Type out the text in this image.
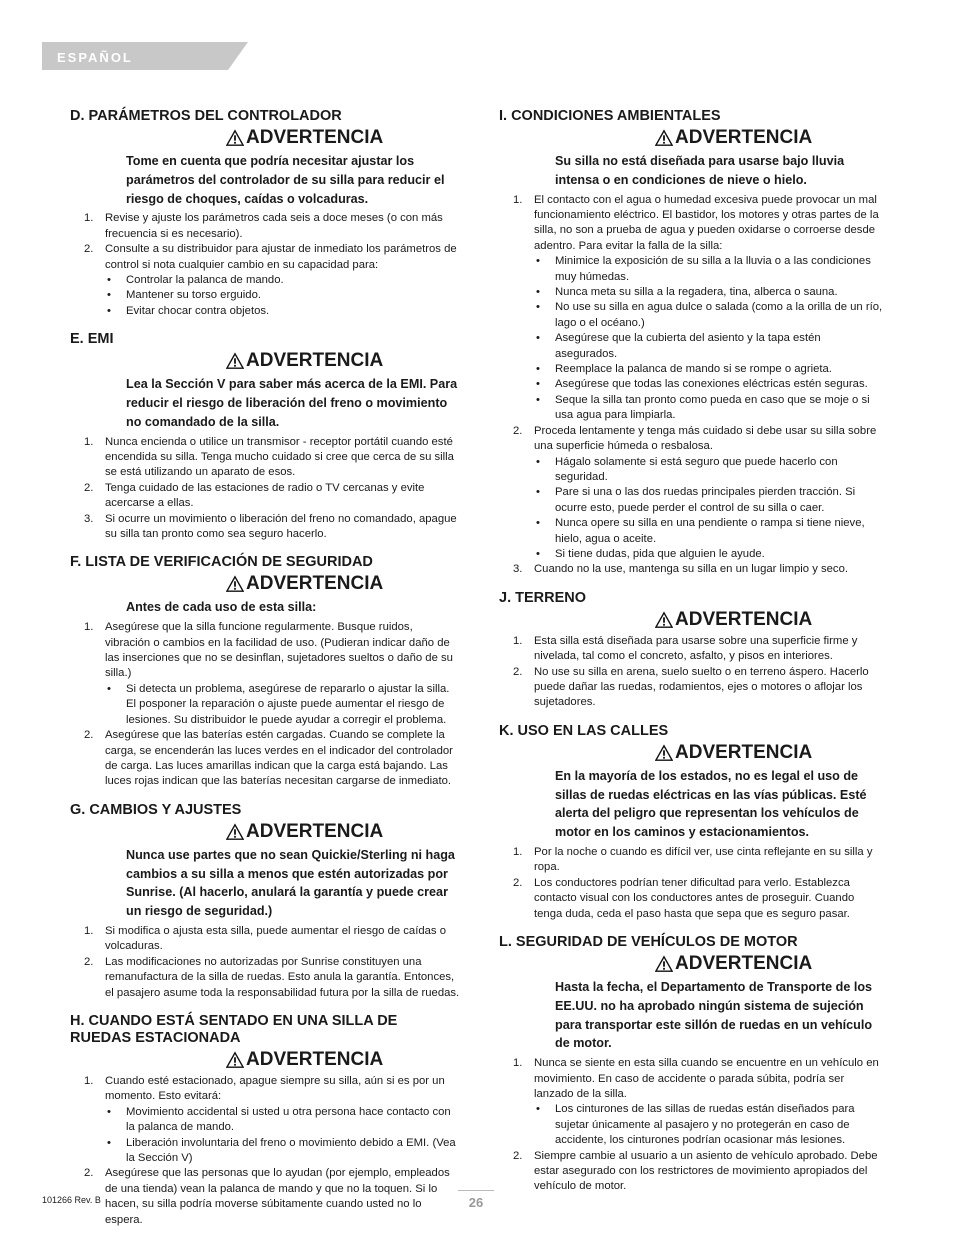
ESPAÑOL
D. PARÁMETROS DEL CONTROLADOR
ADVERTENCIA
Tome en cuenta que podría necesitar ajustar los parámetros del controlador de su silla para reducir el riesgo de choques, caídas o volcaduras.
1. Revise y ajuste los parámetros cada seis a doce meses (o con más frecuencia si es necesario).
2. Consulte a su distribuidor para ajustar de inmediato los parámetros de control si nota cualquier cambio en su capacidad para:
• Controlar la palanca de mando.
• Mantener su torso erguido.
• Evitar chocar contra objetos.
E. EMI
ADVERTENCIA
Lea la Sección V para saber más acerca de la EMI. Para reducir el riesgo de liberación del freno o movimiento no comandado de la silla.
1. Nunca encienda o utilice un transmisor - receptor portátil cuando esté encendida su silla. Tenga mucho cuidado si cree que cerca de su silla se está utilizando un aparato de esos.
2. Tenga cuidado de las estaciones de radio o TV cercanas y evite acercarse a ellas.
3. Si ocurre un movimiento o liberación del freno no comandado, apague su silla tan pronto como sea seguro hacerlo.
F. LISTA DE VERIFICACIÓN DE SEGURIDAD
ADVERTENCIA
Antes de cada uso de esta silla:
1. Asegúrese que la silla funcione regularmente. Busque ruidos, vibración o cambios en la facilidad de uso. (Pudieran indicar daño de las inserciones que no se desinflan, sujetadores sueltos o daño de su silla.)
• Si detecta un problema, asegúrese de repararlo o ajustar la silla. El posponer la reparación o ajuste puede aumentar el riesgo de lesiones. Su distribuidor le puede ayudar a corregir el problema.
2. Asegúrese que las baterías estén cargadas. Cuando se complete la carga, se encenderán las luces verdes en el indicador del controlador de carga. Las luces amarillas indican que la carga está bajando. Las luces rojas indican que las baterías necesitan cargarse de inmediato.
G. CAMBIOS Y AJUSTES
ADVERTENCIA
Nunca use partes que no sean Quickie/Sterling ni haga cambios a su silla a menos que estén autorizadas por Sunrise. (Al hacerlo, anulará la garantía y puede crear un riesgo de seguridad.)
1. Si modifica o ajusta esta silla, puede aumentar el riesgo de caídas o volcaduras.
2. Las modificaciones no autorizadas por Sunrise constituyen una remanufactura de la silla de ruedas. Esto anula la garantía. Entonces, el pasajero asume toda la responsabilidad futura por la silla de ruedas.
H. CUANDO ESTÁ SENTADO EN UNA SILLA DE RUEDAS ESTACIONADA
ADVERTENCIA
1. Cuando esté estacionado, apague siempre su silla, aún si es por un momento. Esto evitará:
• Movimiento accidental si usted u otra persona hace contacto con la palanca de mando.
• Liberación involuntaria del freno o movimiento debido a EMI. (Vea la Sección V)
2. Asegúrese que las personas que lo ayudan (por ejemplo, empleados de una tienda) vean la palanca de mando y que no la toquen. Si lo hacen, su silla podría moverse súbitamente cuando usted no lo espera.
I. CONDICIONES AMBIENTALES
ADVERTENCIA
Su silla no está diseñada para usarse bajo lluvia intensa o en condiciones de nieve o hielo.
1. El contacto con el agua o humedad excesiva puede provocar un mal funcionamiento eléctrico. El bastidor, los motores y otras partes de la silla, no son a prueba de agua y pueden oxidarse o corroerse desde adentro. Para evitar la falla de la silla:
• Minimice la exposición de su silla a la lluvia o a las condiciones muy húmedas.
• Nunca meta su silla a la regadera, tina, alberca o sauna.
• No use su silla en agua dulce o salada (como a la orilla de un río, lago o el océano.)
• Asegúrese que la cubierta del asiento y la tapa estén asegurados.
• Reemplace la palanca de mando si se rompe o agrieta.
• Asegúrese que todas las conexiones eléctricas estén seguras.
• Seque la silla tan pronto como pueda en caso que se moje o si usa agua para limpiarla.
2. Proceda lentamente y tenga más cuidado si debe usar su silla sobre una superficie húmeda o resbalosa.
• Hágalo solamente si está seguro que puede hacerlo con seguridad.
• Pare si una o las dos ruedas principales pierden tracción. Si ocurre esto, puede perder el control de su silla o caer.
• Nunca opere su silla en una pendiente o rampa si tiene nieve, hielo, agua o aceite.
• Si tiene dudas, pida que alguien le ayude.
3. Cuando no la use, mantenga su silla en un lugar limpio y seco.
J. TERRENO
ADVERTENCIA
1. Esta silla está diseñada para usarse sobre una superficie firme y nivelada, tal como el concreto, asfalto, y pisos en interiores.
2. No use su silla en arena, suelo suelto o en terreno áspero. Hacerlo puede dañar las ruedas, rodamientos, ejes o motores o aflojar los sujetadores.
K. USO EN LAS CALLES
ADVERTENCIA
En la mayoría de los estados, no es legal el uso de sillas de ruedas eléctricas en las vías públicas. Esté alerta del peligro que representan los vehículos de motor en los caminos y estacionamientos.
1. Por la noche o cuando es difícil ver, use cinta reflejante en su silla y ropa.
2. Los conductores podrían tener dificultad para verlo. Establezca contacto visual con los conductores antes de proseguir. Cuando tenga duda, ceda el paso hasta que sepa que es seguro pasar.
L. SEGURIDAD DE VEHÍCULOS DE MOTOR
ADVERTENCIA
Hasta la fecha, el Departamento de Transporte de los EE.UU. no ha aprobado ningún sistema de sujeción para transportar este sillón de ruedas en un vehículo de motor.
1. Nunca se siente en esta silla cuando se encuentre en un vehículo en movimiento. En caso de accidente o parada súbita, podría ser lanzado de la silla.
• Los cinturones de las sillas de ruedas están diseñados para sujetar únicamente al pasajero y no protegerán en caso de accidente, los cinturones podrían ocasionar más lesiones.
2. Siempre cambie al usuario a un asiento de vehículo aprobado. Debe estar asegurado con los restrictores de movimiento apropiados del vehículo de motor.
101266 Rev. B	26
